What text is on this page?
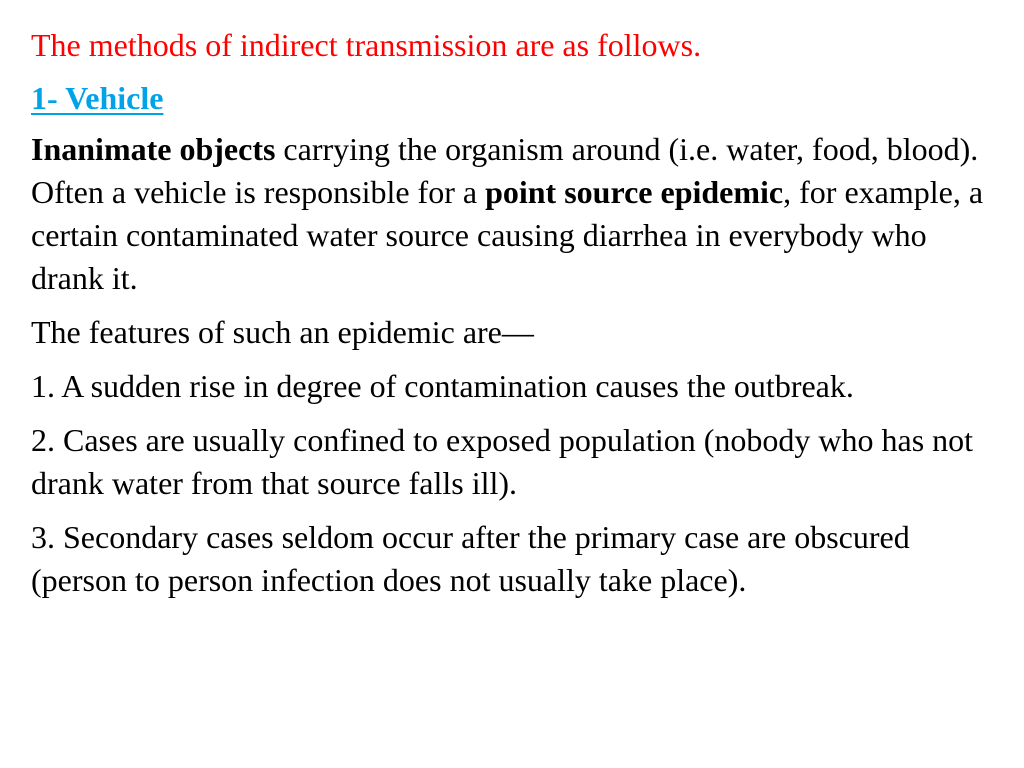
The methods of indirect transmission are as follows.

1- Vehicle

Inanimate objects carrying the organism around (i.e. water, food, blood). Often a vehicle is responsible for a point source epidemic, for example, a certain contaminated water source causing diarrhea in everybody who drank it.

The features of such an epidemic are—

1. A sudden rise in degree of contamination causes the outbreak.

2. Cases are usually confined to exposed population (nobody who has not drank water from that source falls ill).

3. Secondary cases seldom occur after the primary case are obscured (person to person infection does not usually take place).
